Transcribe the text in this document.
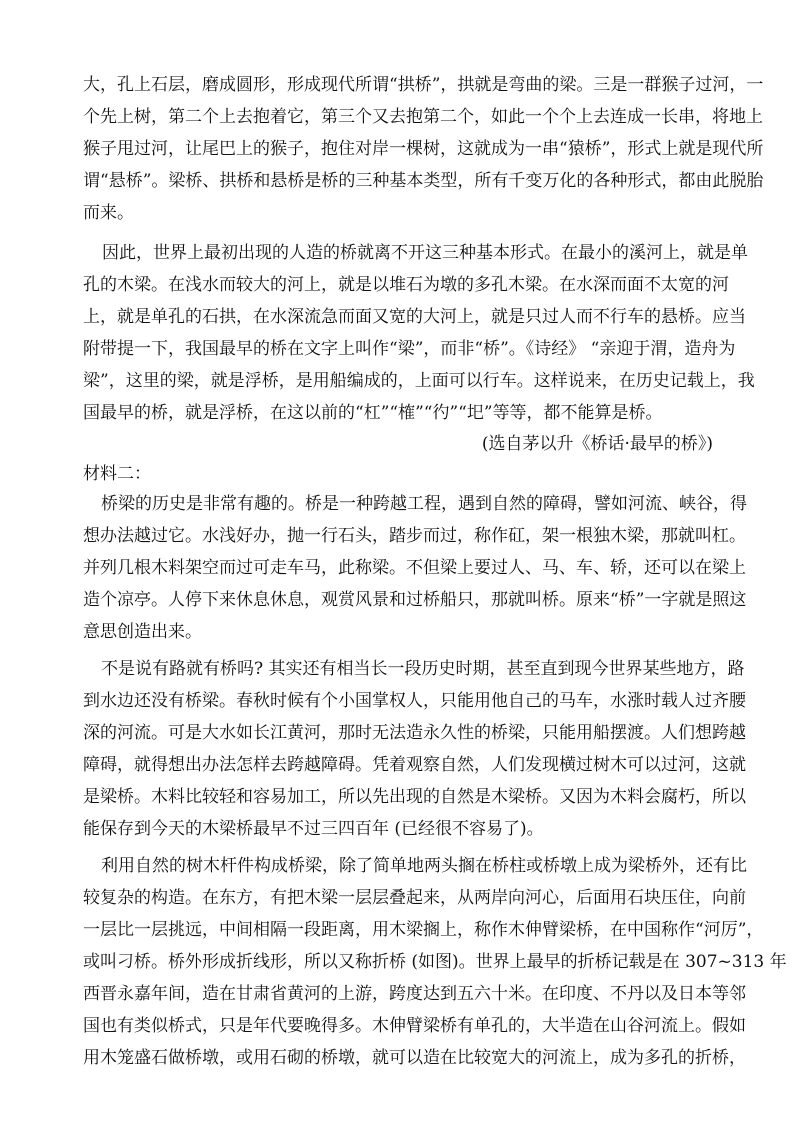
大，孔上石层，磨成圆形，形成现代所谓“拱桥”，拱就是弯曲的梁。三是一群猴子过河，一
个先上树，第二个上去抱着它，第三个又去抱第二个，如此一个个上去连成一长串，将地上
猴子甩过河，让尾巴上的猴子，抱住对岸一棵树，这就成为一串“猿桥”，形式上就是现代所
谓“悬桥”。梁桥、拱桥和悬桥是桥的三种基本类型，所有千变万化的各种形式，都由此脱胎
而来。
因此，世界上最初出现的人造的桥就离不开这三种基本形式。在最小的溪河上，就是单
孔的木梁。在浅水而较大的河上，就是以堆石为墩的多孔木梁。在水深而面不太宽的河
上，就是单孔的石拱，在水深流急而面又宽的大河上，就是只过人而不行车的悬桥。应当
附带提一下，我国最早的桥在文字上叫作“梁”，而非“桥”。《诗经》 “亲迎于渭，造舟为
梁”，这里的梁，就是浮桥，是用船编成的，上面可以行车。这样说来，在历史记载上，我
国最早的桥，就是浮桥，在这以前的“杠”“榷”“彴”“圯”等等，都不能算是桥。
(选自茅以升《桥话·最早的桥》)
材料二：
桥梁的历史是非常有趣的。桥是一种跨越工程，遇到自然的障碍，譬如河流、峡谷，得
想办法越过它。水浅好办，抛一行石头，踏步而过，称作矼，架一根独木梁，那就叫杠。
并列几根木料架空而过可走车马，此称梁。不但梁上要过人、马、车、轿，还可以在梁上
造个凉亭。人停下来休息休息，观赏风景和过桥船只，那就叫桥。原来“桥”一字就是照这
意思创造出来。
不是说有路就有桥吗? 其实还有相当长一段历史时期，甚至直到现今世界某些地方，路
到水边还没有桥梁。春秋时候有个小国掌权人，只能用他自己的马车，水涨时载人过齐腰
深的河流。可是大水如长江黄河，那时无法造永久性的桥梁，只能用船摆渡。人们想跨越
障碍，就得想出办法怎样去跨越障碍。凭着观察自然，人们发现横过树木可以过河，这就
是梁桥。木料比较轻和容易加工，所以先出现的自然是木梁桥。又因为木料会腐朽，所以
能保存到今天的木梁桥最早不过三四百年 (已经很不容易了)。
利用自然的树木杆件构成桥梁，除了简单地两头搁在桥柱或桥墩上成为梁桥外，还有比
较复杂的构造。在东方，有把木梁一层层叠起来，从两岸向河心，后面用石块压住，向前
一层比一层挑远，中间相隔一段距离，用木梁搁上，称作木伸臂梁桥，在中国称作“河厉”，
或叫刁桥。桥外形成折线形，所以又称折桥 (如图)。世界上最早的折桥记载是在 307~313 年
西晋永嘉年间，造在甘肃省黄河的上游，跨度达到五六十米。在印度、不丹以及日本等邻
国也有类似桥式，只是年代要晚得多。木伸臂梁桥有单孔的，大半造在山谷河流上。假如
用木笼盛石做桥墩，或用石砌的桥墩，就可以造在比较宽大的河流上，成为多孔的折桥，
